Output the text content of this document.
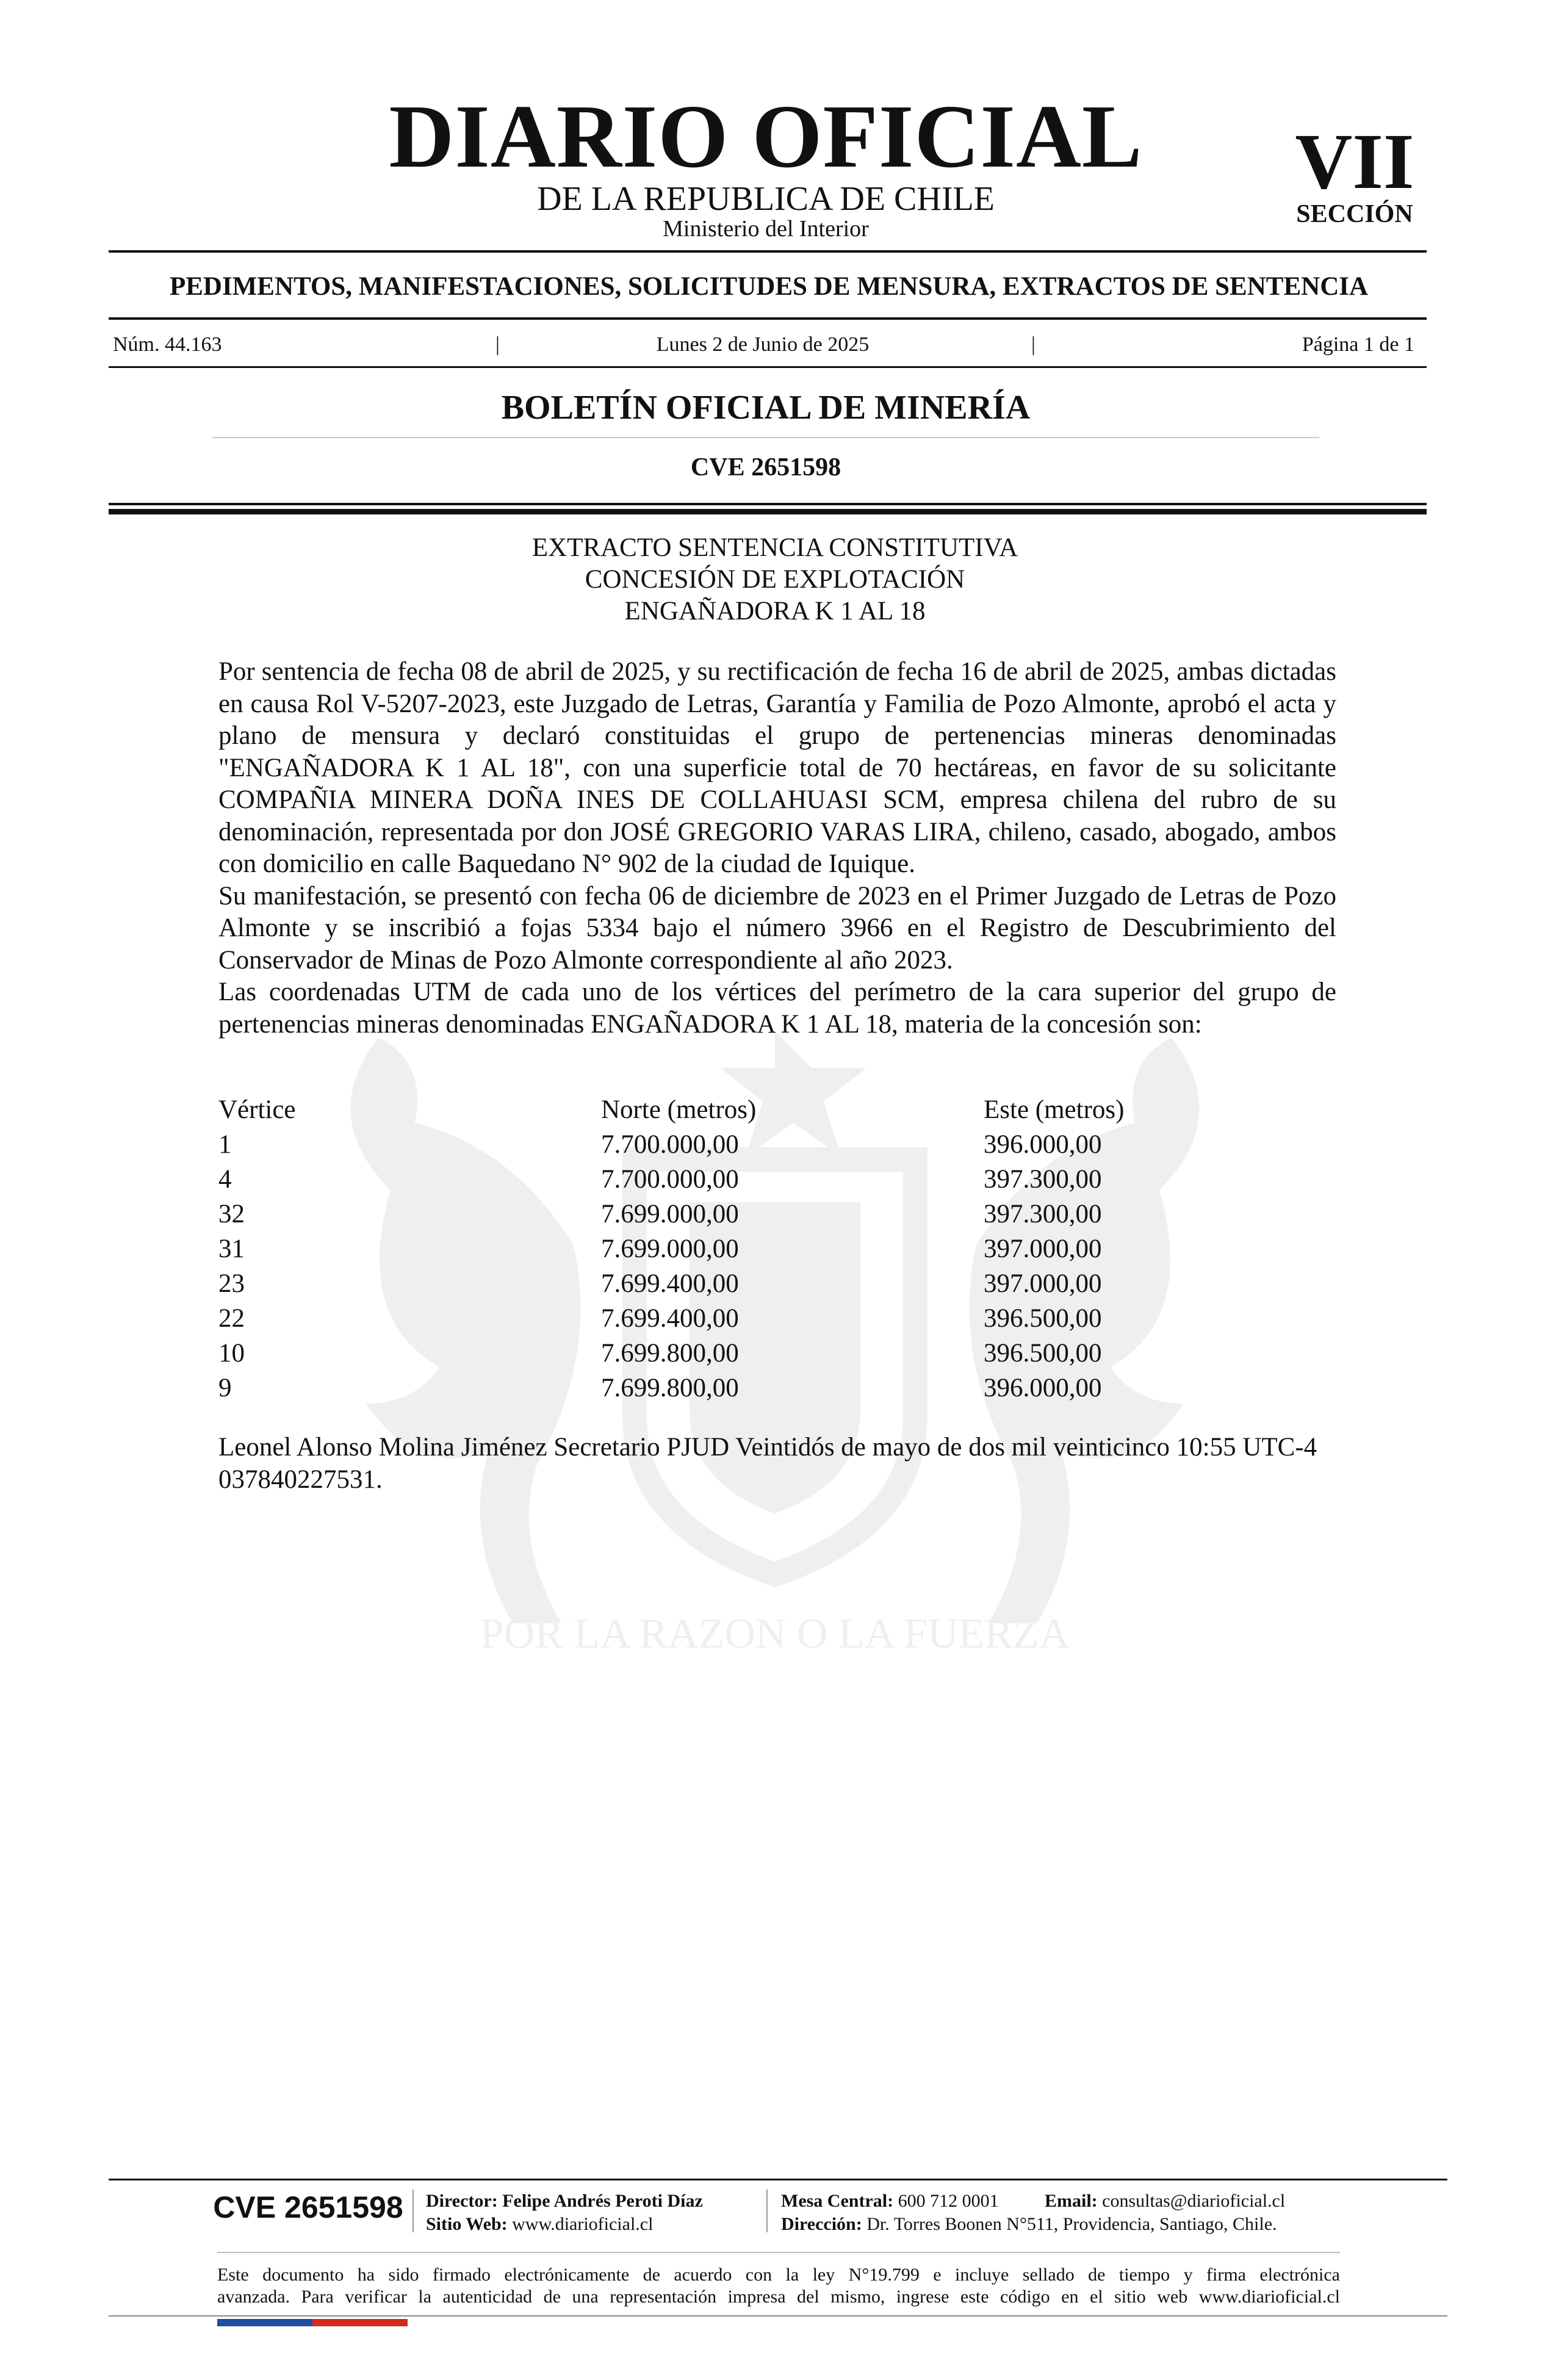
POR LA RAZON O LA FUERZA
DIARIO OFICIAL
DE LA REPUBLICA DE CHILE
Ministerio del Interior
VII
SECCIÓN
PEDIMENTOS, MANIFESTACIONES, SOLICITUDES DE MENSURA, EXTRACTOS DE SENTENCIA
Núm. 44.163	|	Lunes 2 de Junio de 2025	|	Página 1 de 1
BOLETÍN OFICIAL DE MINERÍA
CVE 2651598
EXTRACTO SENTENCIA CONSTITUTIVA
CONCESIÓN DE EXPLOTACIÓN
ENGAÑADORA K 1 AL 18

Por sentencia de fecha 08 de abril de 2025, y su rectificación de fecha 16 de abril de 2025, ambas dictadas en causa Rol V-5207-2023, este Juzgado de Letras, Garantía y Familia de Pozo Almonte, aprobó el acta y plano de mensura y declaró constituidas el grupo de pertenencias mineras denominadas "ENGAÑADORA K 1 AL 18", con una superficie total de 70 hectáreas, en favor de su solicitante COMPAÑIA MINERA DOÑA INES DE COLLAHUASI SCM, empresa chilena del rubro de su denominación, representada por don JOSÉ GREGORIO VARAS LIRA, chileno, casado, abogado, ambos con domicilio en calle Baquedano N° 902 de la ciudad de Iquique.

Su manifestación, se presentó con fecha 06 de diciembre de 2023 en el Primer Juzgado de Letras de Pozo Almonte y se inscribió a fojas 5334 bajo el número 3966 en el Registro de Descubrimiento del Conservador de Minas de Pozo Almonte correspondiente al año 2023.

Las coordenadas UTM de cada uno de los vértices del perímetro de la cara superior del grupo de pertenencias mineras denominadas ENGAÑADORA K 1 AL 18, materia de la concesión son:

Vértice	Norte (metros)	Este (metros)
1	7.700.000,00	396.000,00
4	7.700.000,00	397.300,00
32	7.699.000,00	397.300,00
31	7.699.000,00	397.000,00
23	7.699.400,00	397.000,00
22	7.699.400,00	396.500,00
10	7.699.800,00	396.500,00
9	7.699.800,00	396.000,00
Leonel Alonso Molina Jiménez Secretario PJUD Veintidós de mayo de dos mil veinticinco 10:55 UTC-4 037840227531.
CVE 2651598	Director: Felipe Andrés Peroti Díaz
Sitio Web: www.diarioficial.cl
Mesa Central: 600 712 0001	Email: consultas@diarioficial.cl
Dirección: Dr. Torres Boonen N°511, Providencia, Santiago, Chile.
Este documento ha sido firmado electrónicamente de acuerdo con la ley N°19.799 e incluye sellado de tiempo y firma electrónica
avanzada. Para verificar la autenticidad de una representación impresa del mismo, ingrese este código en el sitio web www.diarioficial.cl
